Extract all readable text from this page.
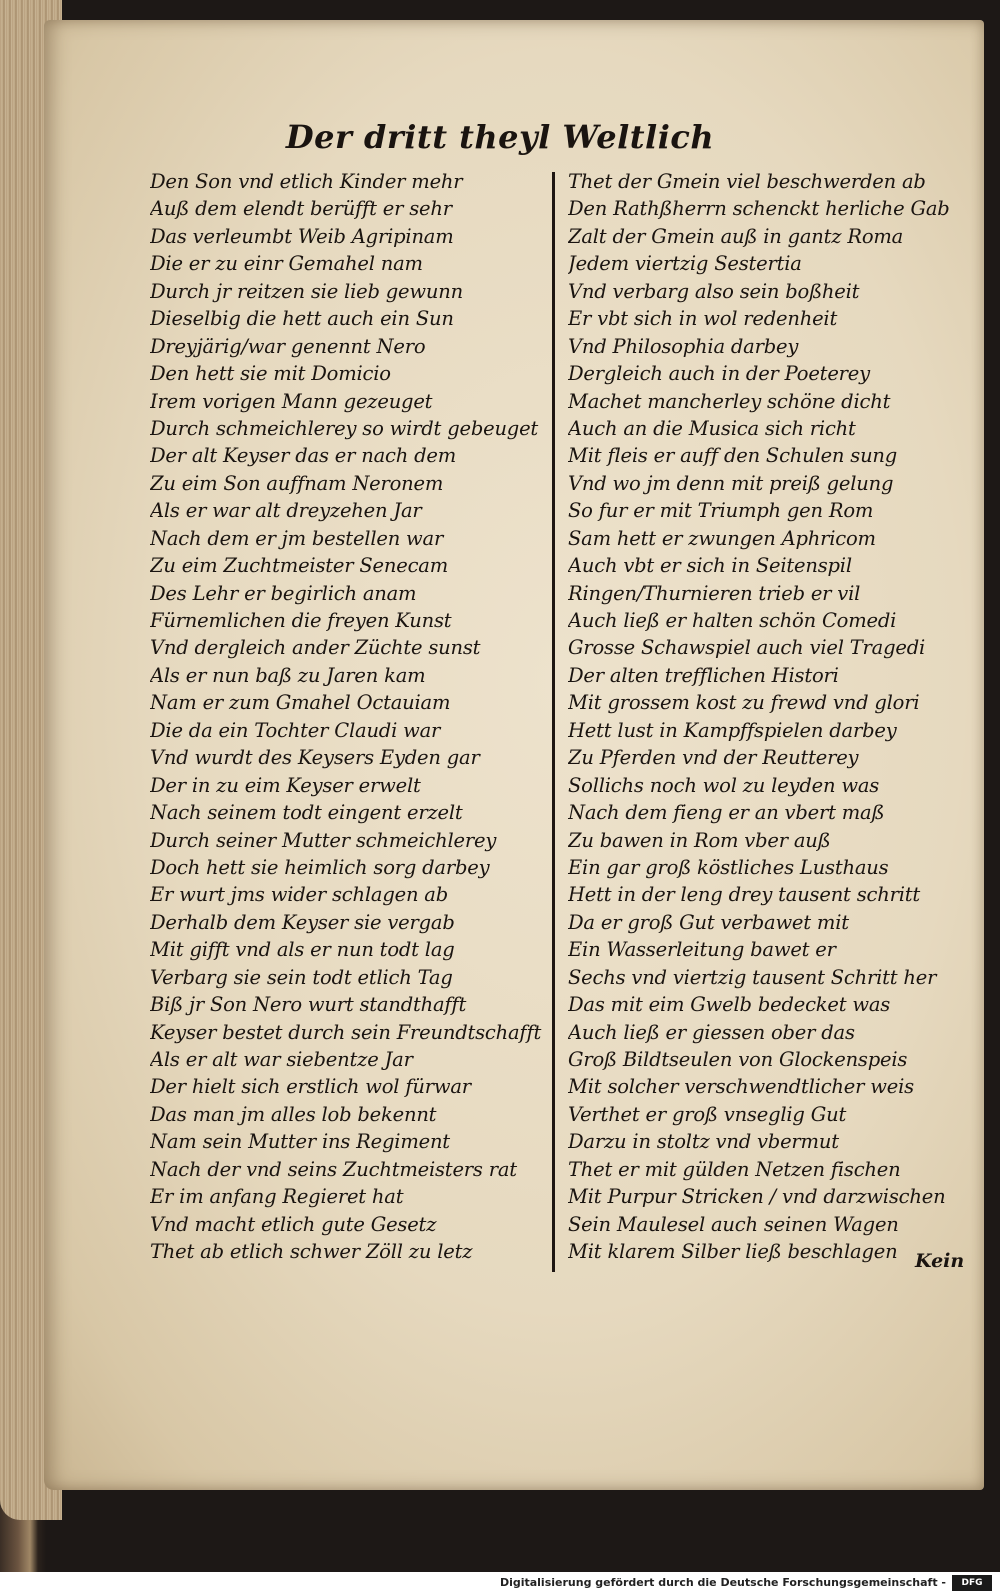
Der dritt theyl Weltlich
Den Son vnd etlich Kinder mehr
Auß dem elendt berüfft er sehr
Das verleumbt Weib Agripinam
Die er zu einr Gemahel nam
Durch jr reitzen sie lieb gewunn
Dieselbig die hett auch ein Sun
Dreyjärig/war genennt Nero
Den hett sie mit Domicio
Irem vorigen Mann gezeuget
Durch schmeichlerey so wirdt gebeuget
Der alt Keyser das er nach dem
Zu eim Son auffnam Neronem
Als er war alt dreyzehen Jar
Nach dem er jm bestellen war
Zu eim Zuchtmeister Senecam
Des Lehr er begirlich anam
Fürnemlichen die freyen Kunst
Vnd dergleich ander Züchte sunst
Als er nun baß zu Jaren kam
Nam er zum Gmahel Octauiam
Die da ein Tochter Claudi war
Vnd wurdt des Keysers Eyden gar
Der in zu eim Keyser erwelt
Nach seinem todt eingent erzelt
Durch seiner Mutter schmeichlerey
Doch hett sie heimlich sorg darbey
Er wurt jms wider schlagen ab
Derhalb dem Keyser sie vergab
Mit gifft vnd als er nun todt lag
Verbarg sie sein todt etlich Tag
Biß jr Son Nero wurt standthafft
Keyser bestet durch sein Freundtschafft
Als er alt war siebentze Jar
Der hielt sich erstlich wol fürwar
Das man jm alles lob bekennt
Nam sein Mutter ins Regiment
Nach der vnd seins Zuchtmeisters rat
Er im anfang Regieret hat
Vnd macht etlich gute Gesetz
Thet ab etlich schwer Zöll zu letz
Thet der Gmein viel beschwerden ab
Den Rathßherrn schenckt herliche Gab
Zalt der Gmein auß in gantz Roma
Jedem viertzig Sestertia
Vnd verbarg also sein boßheit
Er vbt sich in wol redenheit
Vnd Philosophia darbey
Dergleich auch in der Poeterey
Machet mancherley schöne dicht
Auch an die Musica sich richt
Mit fleis er auff den Schulen sung
Vnd wo jm denn mit preiß gelung
So fur er mit Triumph gen Rom
Sam hett er zwungen Aphricom
Auch vbt er sich in Seitenspil
Ringen/Thurnieren trieb er vil
Auch ließ er halten schön Comedi
Grosse Schawspiel auch viel Tragedi
Der alten trefflichen Histori
Mit grossem kost zu frewd vnd glori
Hett lust in Kampffspielen darbey
Zu Pferden vnd der Reutterey
Sollichs noch wol zu leyden was
Nach dem fieng er an vbert maß
Zu bawen in Rom vber auß
Ein gar groß köstliches Lusthaus
Hett in der leng drey tausent schritt
Da er groß Gut verbawet mit
Ein Wasserleitung bawet er
Sechs vnd viertzig tausent Schritt her
Das mit eim Gwelb bedecket was
Auch ließ er giessen ober das
Groß Bildtseulen von Glockenspeis
Mit solcher verschwendtlicher weis
Verthet er groß vnseglig Gut
Darzu in stoltz vnd vbermut
Thet er mit gülden Netzen fischen
Mit Purpur Stricken / vnd darzwischen
Sein Maulesel auch seinen Wagen
Mit klarem Silber ließ beschlagen Kein
Digitalisierung gefördert durch die Deutsche Forschungsgemeinschaft -	DFG
